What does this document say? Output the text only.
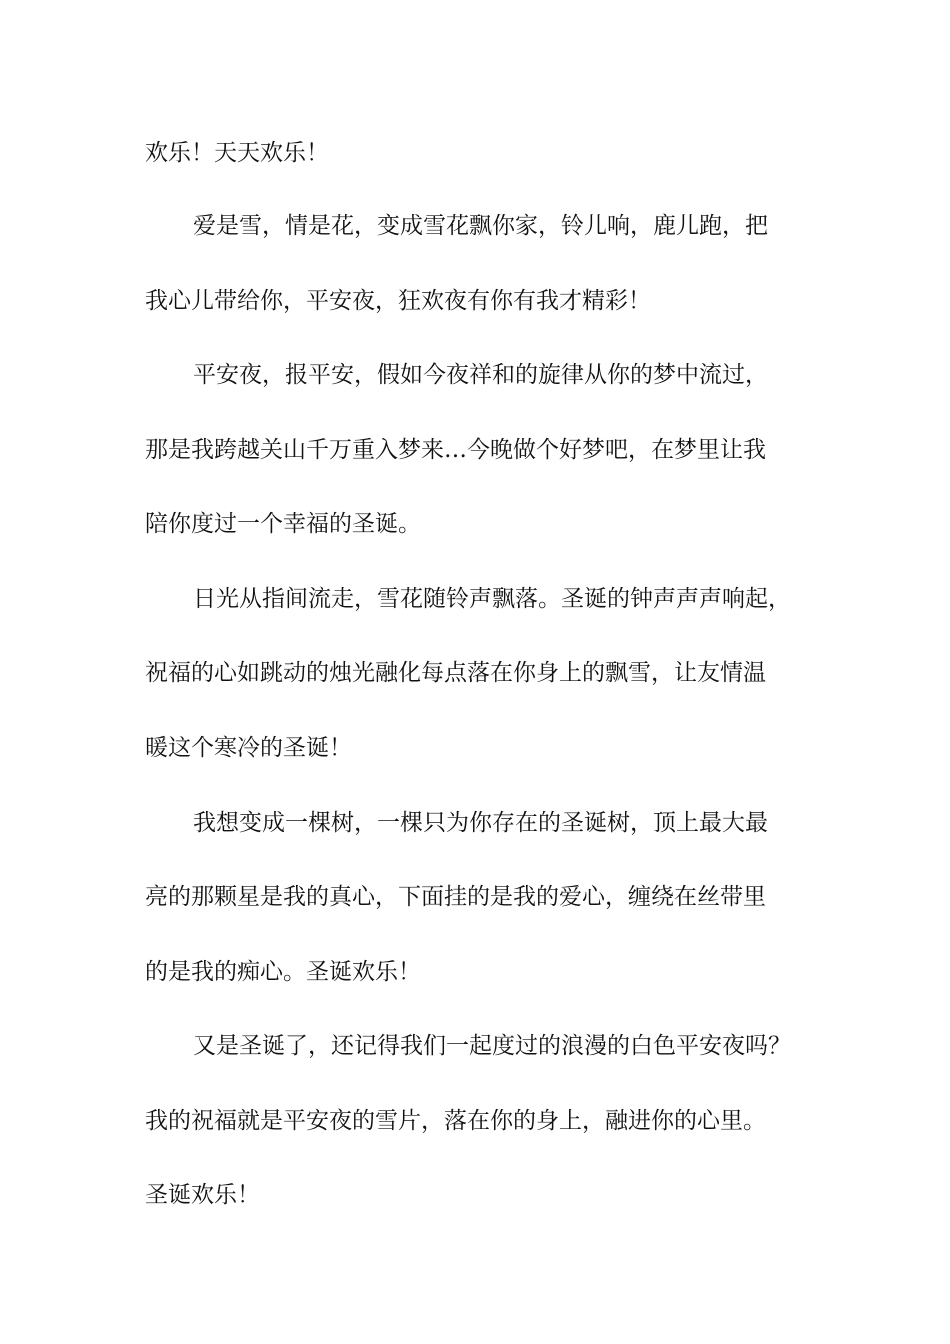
欢乐！天天欢乐！
爱是雪，情是花，变成雪花飘你家，铃儿响，鹿儿跑，把
我心儿带给你，平安夜，狂欢夜有你有我才精彩！
平安夜，报平安，假如今夜祥和的旋律从你的梦中流过，
那是我跨越关山千万重入梦来…今晚做个好梦吧，在梦里让我
陪你度过一个幸福的圣诞。
日光从指间流走，雪花随铃声飘落。圣诞的钟声声声响起，
祝福的心如跳动的烛光融化每点落在你身上的飘雪，让友情温
暖这个寒冷的圣诞！
我想变成一棵树，一棵只为你存在的圣诞树，顶上最大最
亮的那颗星是我的真心，下面挂的是我的爱心，缠绕在丝带里
的是我的痴心。圣诞欢乐！
又是圣诞了，还记得我们一起度过的浪漫的白色平安夜吗？
我的祝福就是平安夜的雪片，落在你的身上，融进你的心里。
圣诞欢乐！
